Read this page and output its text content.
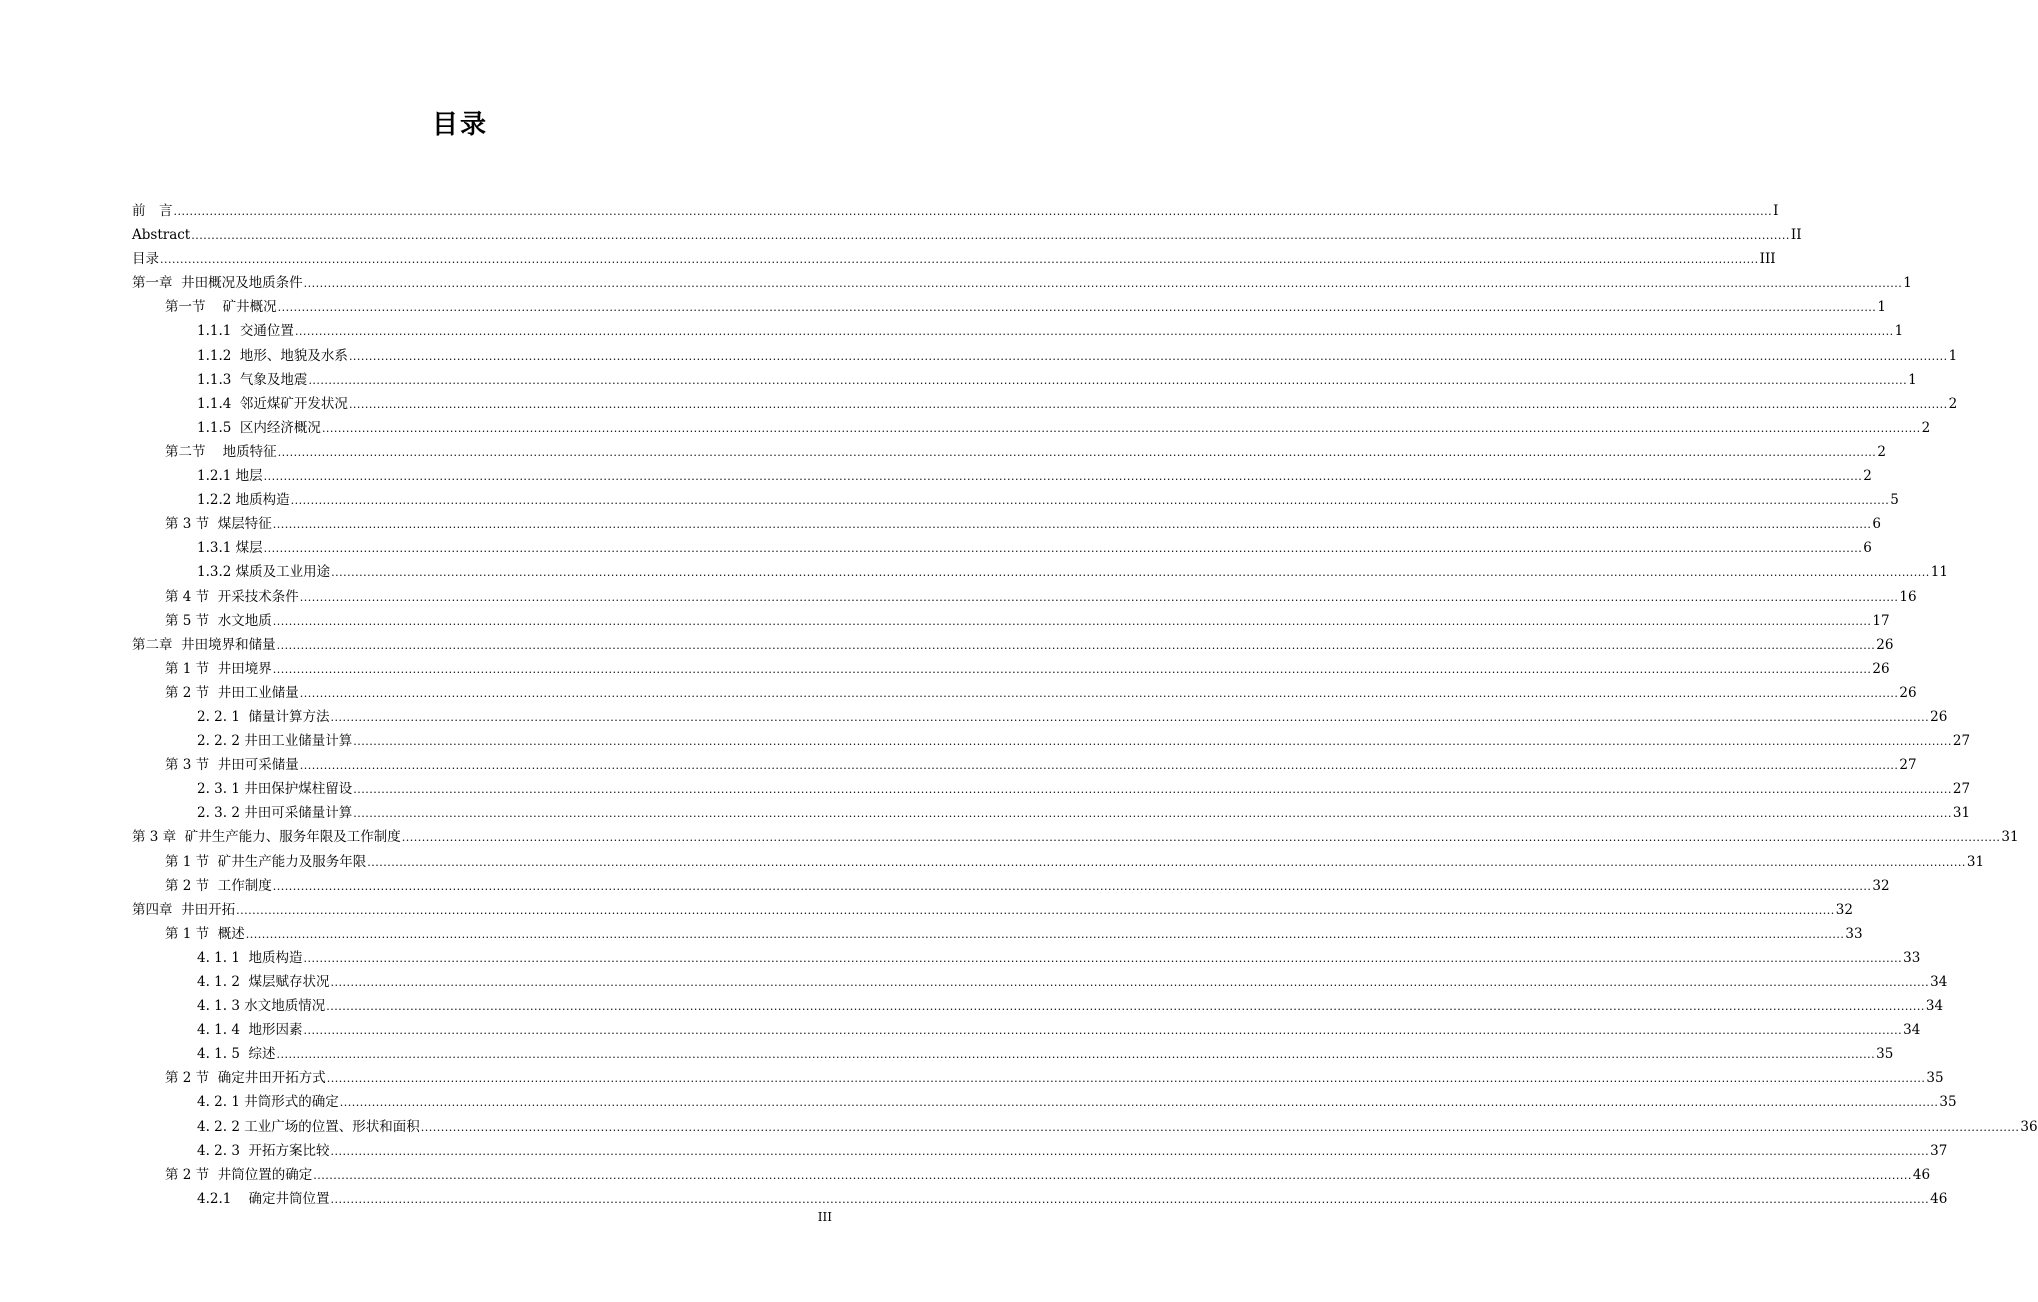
目录
前　言 ................................................................................................................................................................................................................................................................................................................................................................................................................ I
Abstract ................................................................................................................................................................................................................................................................................................................................................................................................................ II
目录 ................................................................................................................................................................................................................................................................................................................................................................................................................ III
第一章  井田概况及地质条件 ................................................................................................................................................................................................................................................................................................................................................................................................................ 1
第一节    矿井概况 ................................................................................................................................................................................................................................................................................................................................................................................................................ 1
1.1.1  交通位置 ................................................................................................................................................................................................................................................................................................................................................................................................................ 1
1.1.2  地形、地貌及水系 ................................................................................................................................................................................................................................................................................................................................................................................................................ 1
1.1.3  气象及地震 ................................................................................................................................................................................................................................................................................................................................................................................................................ 1
1.1.4  邻近煤矿开发状况 ................................................................................................................................................................................................................................................................................................................................................................................................................ 2
1.1.5  区内经济概况 ................................................................................................................................................................................................................................................................................................................................................................................................................ 2
第二节    地质特征 ................................................................................................................................................................................................................................................................................................................................................................................................................ 2
1.2.1 地层 ................................................................................................................................................................................................................................................................................................................................................................................................................ 2
1.2.2 地质构造 ................................................................................................................................................................................................................................................................................................................................................................................................................ 5
第 3 节  煤层特征 ................................................................................................................................................................................................................................................................................................................................................................................................................ 6
1.3.1 煤层 ................................................................................................................................................................................................................................................................................................................................................................................................................ 6
1.3.2 煤质及工业用途 ................................................................................................................................................................................................................................................................................................................................................................................................................ 11
第 4 节  开采技术条件 ................................................................................................................................................................................................................................................................................................................................................................................................................ 16
第 5 节  水文地质 ................................................................................................................................................................................................................................................................................................................................................................................................................ 17
第二章  井田境界和储量 ................................................................................................................................................................................................................................................................................................................................................................................................................ 26
第 1 节  井田境界 ................................................................................................................................................................................................................................................................................................................................................................................................................ 26
第 2 节  井田工业储量 ................................................................................................................................................................................................................................................................................................................................................................................................................ 26
2. 2. 1  储量计算方法 ................................................................................................................................................................................................................................................................................................................................................................................................................ 26
2. 2. 2 井田工业储量计算 ................................................................................................................................................................................................................................................................................................................................................................................................................ 27
第 3 节  井田可采储量 ................................................................................................................................................................................................................................................................................................................................................................................................................ 27
2. 3. 1 井田保护煤柱留设 ................................................................................................................................................................................................................................................................................................................................................................................................................ 27
2. 3. 2 井田可采储量计算 ................................................................................................................................................................................................................................................................................................................................................................................................................ 31
第 3 章  矿井生产能力、服务年限及工作制度 ................................................................................................................................................................................................................................................................................................................................................................................................................ 31
第 1 节  矿井生产能力及服务年限 ................................................................................................................................................................................................................................................................................................................................................................................................................ 31
第 2 节  工作制度 ................................................................................................................................................................................................................................................................................................................................................................................................................ 32
第四章  井田开拓 ................................................................................................................................................................................................................................................................................................................................................................................................................ 32
第 1 节  概述 ................................................................................................................................................................................................................................................................................................................................................................................................................ 33
4. 1. 1  地质构造 ................................................................................................................................................................................................................................................................................................................................................................................................................ 33
4. 1. 2  煤层赋存状况 ................................................................................................................................................................................................................................................................................................................................................................................................................ 34
4. 1. 3 水文地质情况 ................................................................................................................................................................................................................................................................................................................................................................................................................ 34
4. 1. 4  地形因素 ................................................................................................................................................................................................................................................................................................................................................................................................................ 34
4. 1. 5  综述 ................................................................................................................................................................................................................................................................................................................................................................................................................ 35
第 2 节  确定井田开拓方式 ................................................................................................................................................................................................................................................................................................................................................................................................................ 35
4. 2. 1 井筒形式的确定 ................................................................................................................................................................................................................................................................................................................................................................................................................ 35
4. 2. 2 工业广场的位置、形状和面积 ................................................................................................................................................................................................................................................................................................................................................................................................................ 36
4. 2. 3  开拓方案比较 ................................................................................................................................................................................................................................................................................................................................................................................................................ 37
第 2 节  井筒位置的确定 ................................................................................................................................................................................................................................................................................................................................................................................................................ 46
4.2.1    确定井筒位置 ................................................................................................................................................................................................................................................................................................................................................................................................................ 46
III
